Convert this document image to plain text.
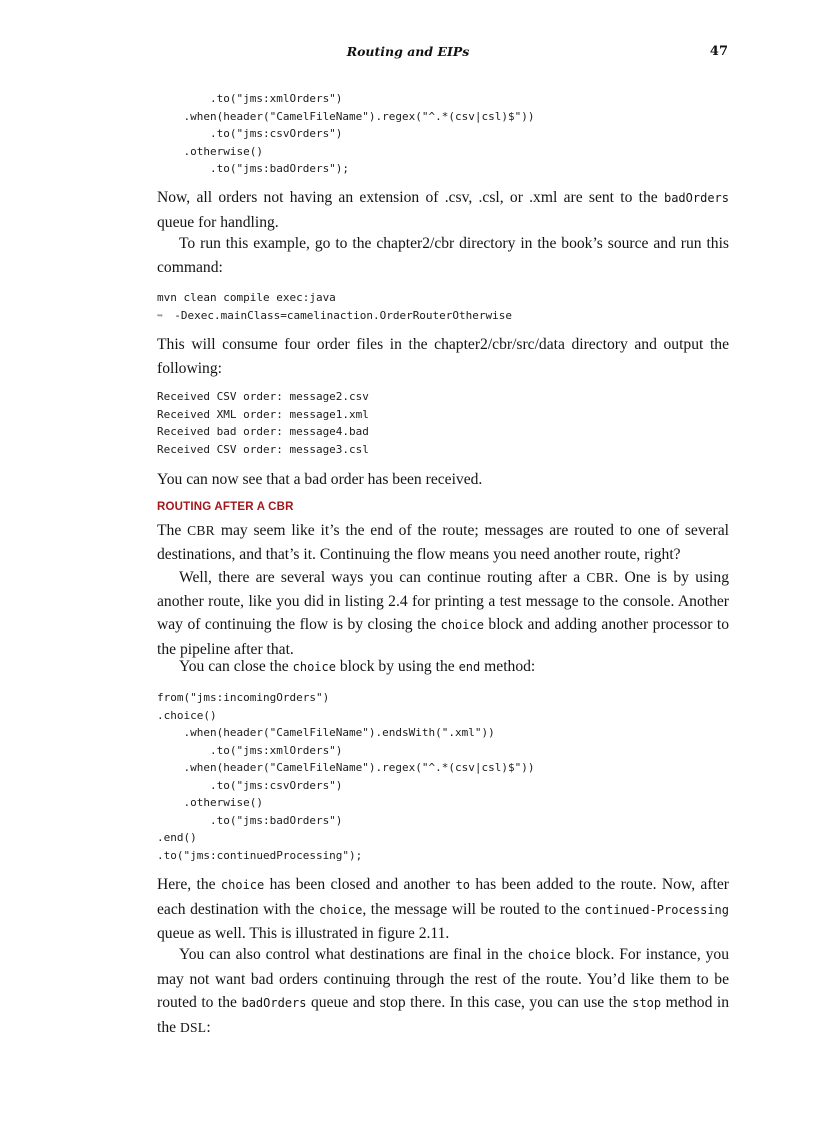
Routing and EIPs	47
.to("jms:xmlOrders")
.when(header("CamelFileName").regex("^.*(csv|csl)$"))
.to("jms:csvOrders")
.otherwise()
.to("jms:badOrders");

Now, all orders not having an extension of .csv, .csl, or .xml are sent to the badOrders queue for handling.

To run this example, go to the chapter2/cbr directory in the book’s source and run this command:

mvn clean compile exec:java
➥  -Dexec.mainClass=camelinaction.OrderRouterOtherwise

This will consume four order files in the chapter2/cbr/src/data directory and output the following:

Received CSV order: message2.csv
Received XML order: message1.xml
Received bad order: message4.bad
Received CSV order: message3.csl

You can now see that a bad order has been received.

ROUTING AFTER A CBR

The CBR may seem like it’s the end of the route; messages are routed to one of several destinations, and that’s it. Continuing the flow means you need another route, right?

Well, there are several ways you can continue routing after a CBR. One is by using another route, like you did in listing 2.4 for printing a test message to the console. Another way of continuing the flow is by closing the choice block and adding another processor to the pipeline after that.

You can close the choice block by using the end method:

from("jms:incomingOrders")
.choice()
.when(header("CamelFileName").endsWith(".xml"))
.to("jms:xmlOrders")
.when(header("CamelFileName").regex("^.*(csv|csl)$"))
.to("jms:csvOrders")
.otherwise()
.to("jms:badOrders")
.end()
.to("jms:continuedProcessing");

Here, the choice has been closed and another to has been added to the route. Now, after each destination with the choice, the message will be routed to the continued-Processing queue as well. This is illustrated in figure 2.11.

You can also control what destinations are final in the choice block. For instance, you may not want bad orders continuing through the rest of the route. You’d like them to be routed to the badOrders queue and stop there. In this case, you can use the stop method in the DSL:
